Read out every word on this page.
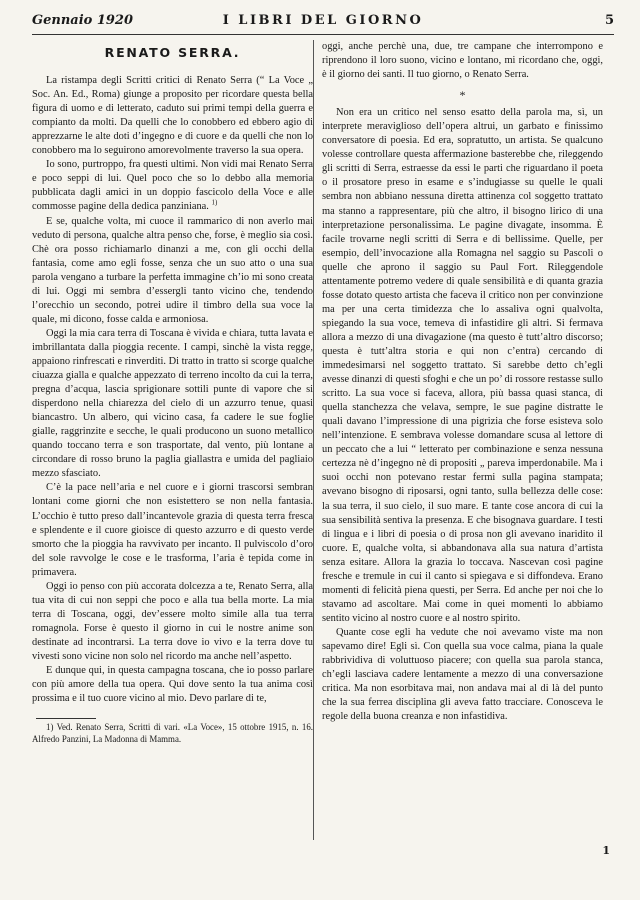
Gennaio 1920	I LIBRI DEL GIORNO	5
RENATO SERRA.

La ristampa degli Scritti critici di Renato Serra (“ La Voce „ Soc. An. Ed., Roma) giunge a proposito per ricordare questa bella figura di uomo e di letterato, caduto sui primi tempi della guerra e compianto da molti. Da quelli che lo conobbero ed ebbero agio di apprezzarne le alte doti d’ingegno e di cuore e da quelli che non lo conobbero ma lo seguirono amorevolmente traverso la sua opera.

Io sono, purtroppo, fra questi ultimi. Non vidi mai Renato Serra e poco seppi di lui. Quel poco che so lo debbo alla memoria pubblicata dagli amici in un doppio fascicolo della Voce e alle commosse pagine della dedica panziniana. $^{1)}$

E se, qualche volta, mi cuoce il rammarico di non averlo mai veduto di persona, qualche altra penso che, forse, è meglio sia così. Chè ora posso richiamarlo dinanzi a me, con gli occhi della fantasia, come amo egli fosse, senza che un suo atto o una sua parola vengano a turbare la perfetta immagine ch’io mi sono creata di lui. Oggi mi sembra d’essergli tanto vicino che, tendendo l’orecchio un secondo, potrei udire il timbro della sua voce la quale, mi dicono, fosse calda e armoniosa.

Oggi la mia cara terra di Toscana è vivida e chiara, tutta lavata e imbrillantata dalla pioggia recente. I campi, sinchè la vista regge, appaiono rinfrescati e rinverditi. Di tratto in tratto si scorge qualche ciuazza gialla e qualche appezzato di terreno incolto da cui la terra, pregna d’acqua, lascia sprigionare sottili punte di vapore che si disperdono nella chiarezza del cielo di un azzurro tenue, quasi biancastro. Un albero, qui vicino casa, fa cadere le sue foglie gialle, raggrinzite e secche, le quali producono un suono metallico quando toccano terra e son trasportate, dal vento, più lontane a circondare di rosso bruno la paglia giallastra e umida del pagliaio mezzo sfasciato.

C’è la pace nell’aria e nel cuore e i giorni trascorsi sembran lontani come giorni che non esistettero se non nella fantasia. L’occhio è tutto preso dall’incantevole grazia di questa terra fresca e splendente e il cuore gioisce di questo azzurro e di questo verde smorto che la pioggia ha ravvivato per incanto. Il pulviscolo d’oro del sole ravvolge le cose e le trasforma, l’aria è tepida come in primavera.

Oggi io penso con più accorata dolcezza a te, Renato Serra, alla tua vita di cui non seppi che poco e alla tua bella morte. La mia terra di Toscana, oggi, dev’essere molto simile alla tua terra romagnola. Forse è questo il giorno in cui le nostre anime son destinate ad incontrarsi. La terra dove io vivo e la terra dove tu vivesti sono vicine non solo nel ricordo ma anche nell’aspetto.

E dunque qui, in questa campagna toscana, che io posso parlare con più amore della tua opera. Qui dove sento la tua anima così prossima e il tuo cuore vicino al mio. Devo parlare di te,

1) Ved. Renato Serra, Scritti di vari. «La Voce», 15 ottobre 1915, n. 16. Alfredo Panzini, La Madonna di Mamma.

oggi, anche perchè una, due, tre campane che interrompono e riprendono il loro suono, vicino e lontano, mi ricordano che, oggi, è il giorno dei santi. Il tuo giorno, o Renato Serra.

*

Non era un critico nel senso esatto della parola ma, sì, un interprete meraviglioso dell’opera altrui, un garbato e finissimo conversatore di poesia. Ed era, sopratutto, un artista. Se qualcuno volesse controllare questa affermazione basterebbe che, rileggendo gli scritti di Serra, estraesse da essi le parti che riguardano il poeta o il prosatore preso in esame e s’indugiasse su quelle le quali sembra non abbiano nessuna diretta attinenza col soggetto trattato ma stanno a rappresentare, più che altro, il bisogno lirico di una interpretazione personalissima. Le pagine divagate, insomma. È facile trovarne negli scritti di Serra e di bellissime. Quelle, per esempio, dell’invocazione alla Romagna nel saggio su Pascoli o quelle che aprono il saggio su Paul Fort. Rileggendole attentamente potremo vedere di quale sensibilità e di quanta grazia fosse dotato questo artista che faceva il critico non per convinzione ma per una certa timidezza che lo assaliva ogni qualvolta, spiegando la sua voce, temeva di infastidire gli altri. Si fermava allora a mezzo di una divagazione (ma questo è tutt’altro discorso; questa è tutt’altra storia e qui non c’entra) cercando di immedesimarsi nel soggetto trattato. Si sarebbe detto ch’egli avesse dinanzi di questi sfoghi e che un po’ di rossore restasse sullo scritto. La sua voce si faceva, allora, più bassa quasi stanca, di quella stanchezza che velava, sempre, le sue pagine distratte le quali davano l’impressione di una pigrizia che forse esisteva solo nell’intenzione. E sembrava volesse domandare scusa al lettore di un peccato che a lui “ letterato per combinazione e senza nessuna certezza nè d’ingegno nè di propositi „ pareva imperdonabile. Ma i suoi occhi non potevano restar fermi sulla pagina stampata; avevano bisogno di riposarsi, ogni tanto, sulla bellezza delle cose: la sua terra, il suo cielo, il suo mare. E tante cose ancora di cui la sua sensibilità sentiva la presenza. E che bisognava guardare. I testi di lingua e i libri di poesia o di prosa non gli avevano inaridito il cuore. E, qualche volta, si abbandonava alla sua natura d’artista senza esitare. Allora la grazia lo toccava. Nascevan così pagine fresche e tremule in cui il canto si spiegava e si diffondeva. Erano momenti di felicità piena questi, per Serra. Ed anche per noi che lo stavamo ad ascoltare. Mai come in quei momenti lo abbiamo sentito vicino al nostro cuore e al nostro spirito.

Quante cose egli ha vedute che noi avevamo viste ma non sapevamo dire! Egli sì. Con quella sua voce calma, piana la quale rabbrividiva di voluttuoso piacere; con quella sua parola stanca, ch’egli lasciava cadere lentamente a mezzo di una conversazione critica. Ma non esorbitava mai, non andava mai al di là del punto che la sua ferrea disciplina gli aveva fatto tracciare. Conosceva le regole della buona creanza e non infastidiva.

1
